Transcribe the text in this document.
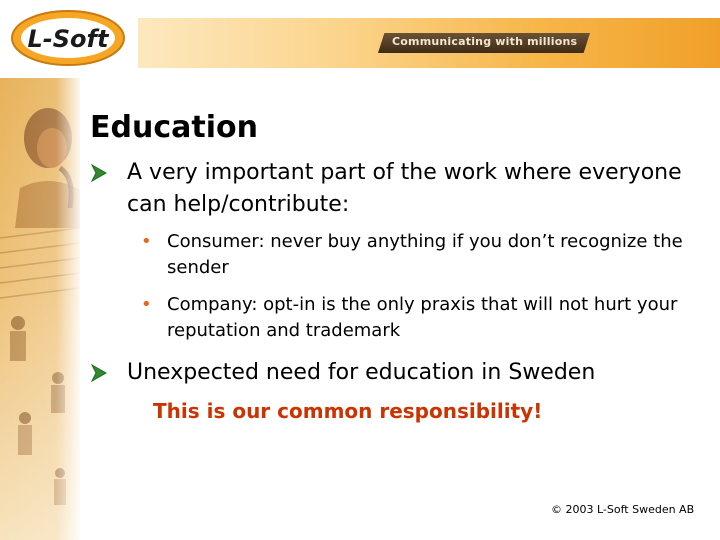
L-Soft	Communicating with millions
Education
A very important part of the work where everyone can help/contribute:
• Consumer: never buy anything if you don’t recognize the sender
• Company: opt-in is the only praxis that will not hurt your reputation and trademark
Unexpected need for education in Sweden
This is our common responsibility!
© 2003 L-Soft Sweden AB
